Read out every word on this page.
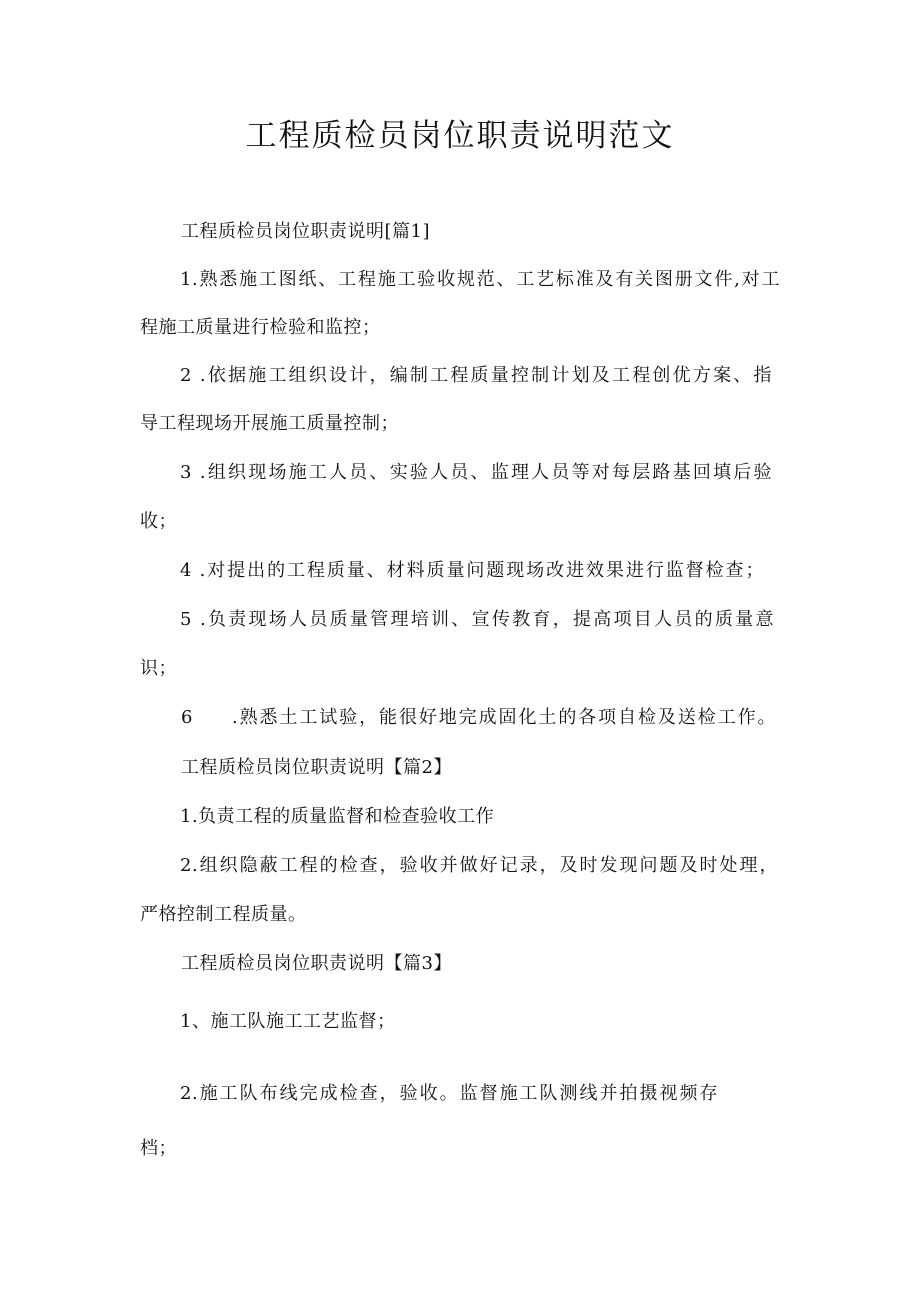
工程质检员岗位职责说明范文
工程质检员岗位职责说明[篇1]
1.熟悉施工图纸、工程施工验收规范、工艺标准及有关图册文件,对工
程施工质量进行检验和监控；
2 .依据施工组织设计，编制工程质量控制计划及工程创优方案、指
导工程现场开展施工质量控制；
3 .组织现场施工人员、实验人员、监理人员等对每层路基回填后验
收；
4 .对提出的工程质量、材料质量问题现场改进效果进行监督检查；
5 .负责现场人员质量管理培训、宣传教育，提高项目人员的质量意
识；
6 .熟悉土工试验，能很好地完成固化土的各项自检及送检工作。
工程质检员岗位职责说明【篇2】
1.负责工程的质量监督和检查验收工作
2.组织隐蔽工程的检查，验收并做好记录，及时发现问题及时处理，
严格控制工程质量。
工程质检员岗位职责说明【篇3】
1、施工队施工工艺监督；
2.施工队布线完成检查，验收。监督施工队测线并拍摄视频存
档；
